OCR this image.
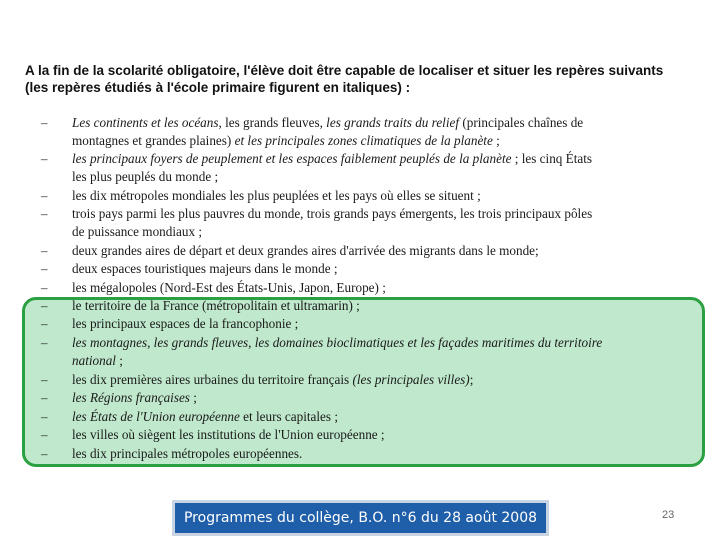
A la fin de la scolarité obligatoire, l'élève doit être capable de localiser et situer les repères suivants
(les repères étudiés à l'école primaire figurent en italiques) :
–	Les continents et les océans, les grands fleuves, les grands traits du relief (principales chaînes de
montagnes et grandes plaines) et les principales zones climatiques de la planète ;
–	les principaux foyers de peuplement et les espaces faiblement peuplés de la planète ; les cinq États
les plus peuplés du monde ;
–	les dix métropoles mondiales les plus peuplées et les pays où elles se situent ;
–	trois pays parmi les plus pauvres du monde, trois grands pays émergents, les trois principaux pôles
de puissance mondiaux ;
–	deux grandes aires de départ et deux grandes aires d'arrivée des migrants dans le monde;
–	deux espaces touristiques majeurs dans le monde ;
–	les mégalopoles (Nord-Est des États-Unis, Japon, Europe) ;
–	le territoire de la France (métropolitain et ultramarin) ;
–	les principaux espaces de la francophonie ;
–	les montagnes, les grands fleuves, les domaines bioclimatiques et les façades maritimes du territoire
national ;
–	les dix premières aires urbaines du territoire français (les principales villes);
–	les Régions françaises ;
–	les États de l'Union européenne et leurs capitales ;
–	les villes où siègent les institutions de l'Union européenne ;
–	les dix principales métropoles européennes.
Programmes du collège, B.O. n°6 du 28 août 2008	23
